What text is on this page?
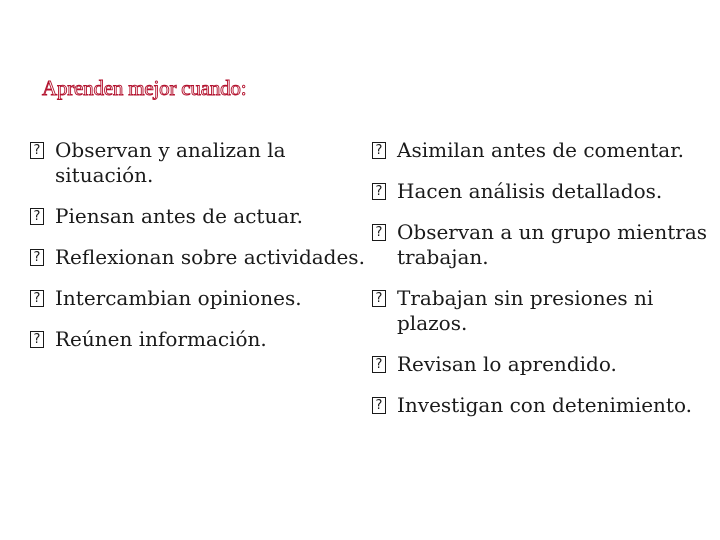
Aprenden mejor cuando:
? Observan y analizan la situación.
? Piensan antes de actuar.
? Reflexionan sobre actividades.
? Intercambian opiniones.
? Reúnen información.
? Asimilan antes de comentar.
? Hacen análisis detallados.
? Observan a un grupo mientras trabajan.
? Trabajan sin presiones ni plazos.
? Revisan lo aprendido.
? Investigan con detenimiento.
